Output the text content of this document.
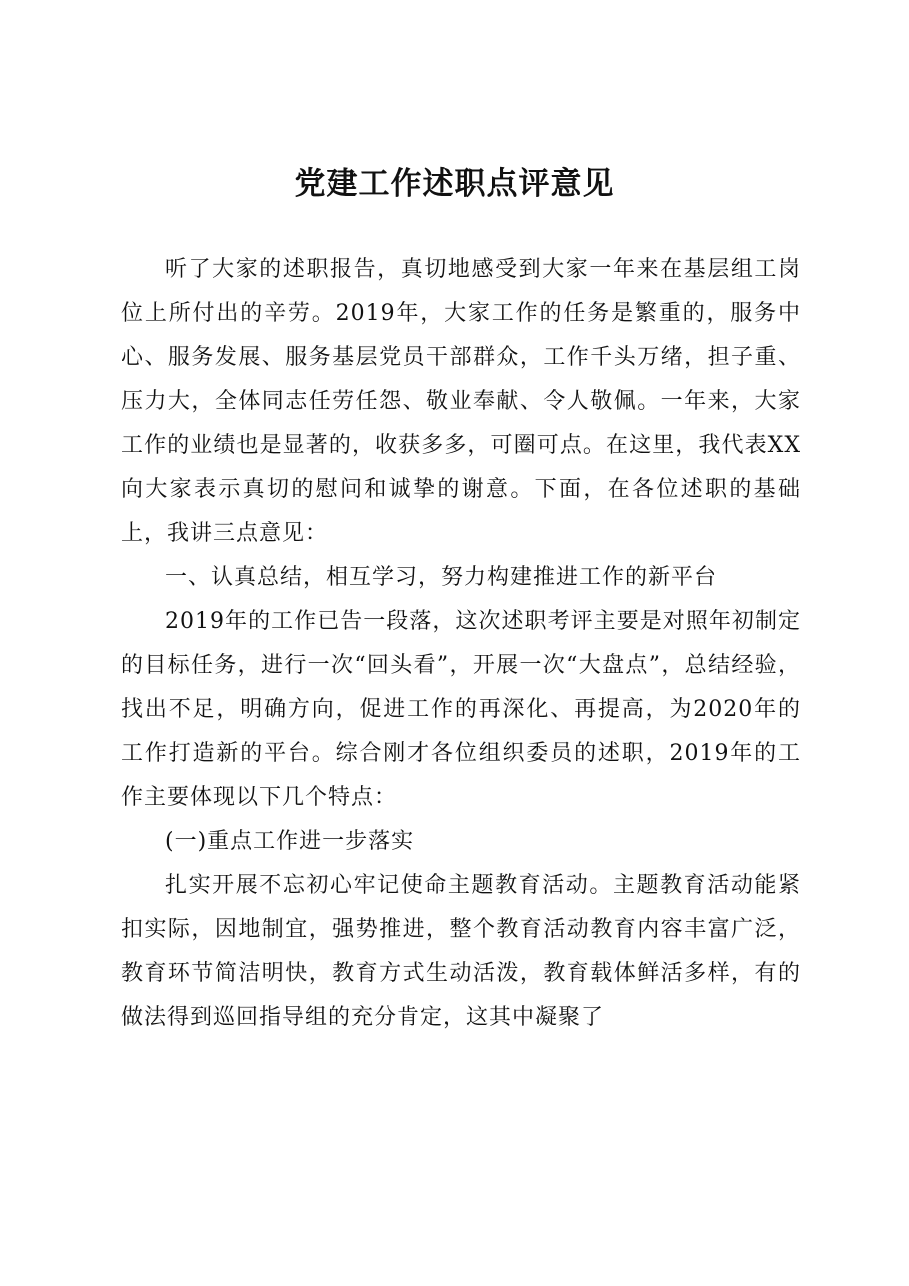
党建工作述职点评意见

听了大家的述职报告，真切地感受到大家一年来在基层组工岗位上所付出的辛劳。2019年，大家工作的任务是繁重的，服务中心、服务发展、服务基层党员干部群众，工作千头万绪，担子重、压力大，全体同志任劳任怨、敬业奉献、令人敬佩。一年来，大家工作的业绩也是显著的，收获多多，可圈可点。在这里，我代表XX向大家表示真切的慰问和诚挚的谢意。下面，在各位述职的基础上，我讲三点意见：

一、认真总结，相互学习，努力构建推进工作的新平台

2019年的工作已告一段落，这次述职考评主要是对照年初制定的目标任务，进行一次“回头看”，开展一次“大盘点”，总结经验，找出不足，明确方向，促进工作的再深化、再提高，为2020年的工作打造新的平台。综合刚才各位组织委员的述职，2019年的工作主要体现以下几个特点：

(一)重点工作进一步落实

扎实开展不忘初心牢记使命主题教育活动。主题教育活动能紧扣实际，因地制宜，强势推进，整个教育活动教育内容丰富广泛，教育环节简洁明快，教育方式生动活泼，教育载体鲜活多样，有的做法得到巡回指导组的充分肯定，这其中凝聚了
